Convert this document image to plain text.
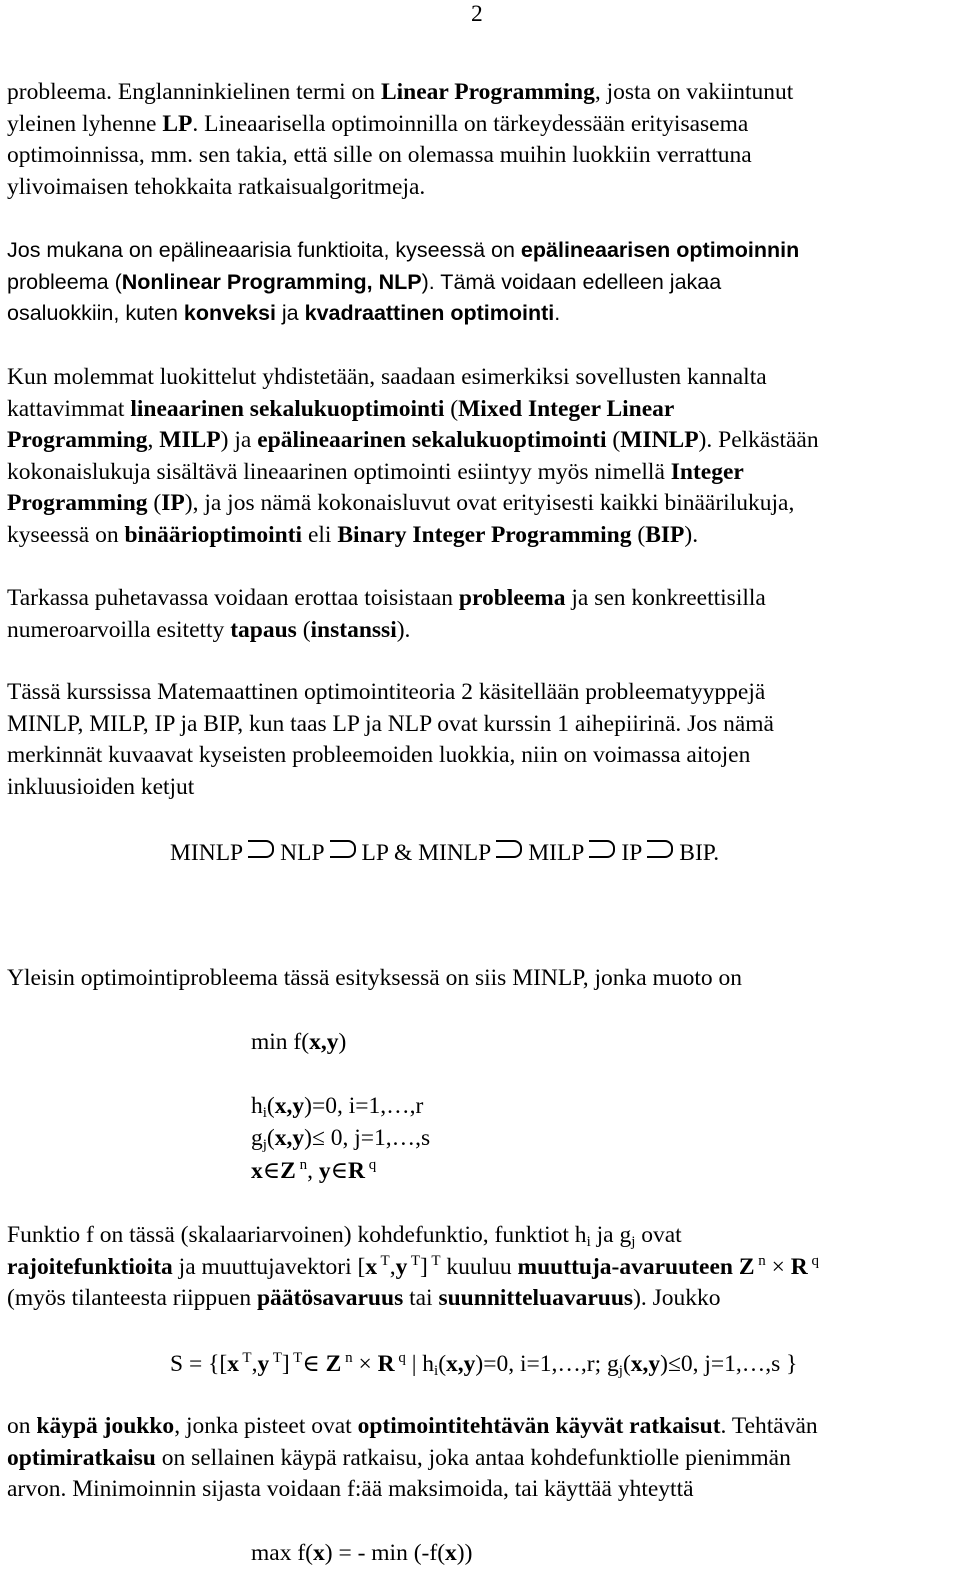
2
probleema. Englanninkielinen termi on Linear Programming, josta on vakiintunut
yleinen lyhenne LP. Lineaarisella optimoinnilla on tärkeydessään erityisasema
optimoinnissa, mm. sen takia, että sille on olemassa muihin luokkiin verrattuna
ylivoimaisen tehokkaita ratkaisualgoritmeja.
Jos mukana on epälineaarisia funktioita, kyseessä on epälineaarisen optimoinnin
probleema (Nonlinear Programming, NLP). Tämä voidaan edelleen jakaa
osaluokkiin, kuten konveksi ja kvadraattinen optimointi.
Kun molemmat luokittelut yhdistetään, saadaan esimerkiksi sovellusten kannalta
kattavimmat lineaarinen sekalukuoptimointi (Mixed Integer Linear
Programming, MILP) ja epälineaarinen sekalukuoptimointi (MINLP). Pelkästään
kokonaislukuja sisältävä lineaarinen optimointi esiintyy myös nimellä Integer
Programming (IP), ja jos nämä kokonaisluvut ovat erityisesti kaikki binäärilukuja,
kyseessä on binäärioptimointi eli Binary Integer Programming (BIP).
Tarkassa puhetavassa voidaan erottaa toisistaan probleema ja sen konkreettisilla
numeroarvoilla esitetty tapaus (instanssi).
Tässä kurssissa Matemaattinen optimointiteoria 2 käsitellään probleematyyppejä
MINLP, MILP, IP ja BIP, kun taas LP ja NLP ovat kurssin 1 aihepiirinä. Jos nämä
merkinnät kuvaavat kyseisten probleemoiden luokkia, niin on voimassa aitojen
inkluusioiden ketjut
MINLP NLP LP & MINLP MILP IP BIP.
Yleisin optimointiprobleema tässä esityksessä on siis MINLP, jonka muoto on
min f(x,y)
$h_i(x,y)=0$, i=1,…,r
$g_j(x,y)\le 0$, j=1,…,s
x∈Z $^n$, y∈R $^q$
Funktio f on tässä (skalaariarvoinen) kohdefunktio, funktiot $h_i$ ja $g_j$ ovat
rajoitefunktioita ja muuttujavektori [x $^T$,y $^T$] $^T$ kuuluu muuttuja-avaruuteen Z $^n$ × R $^q$
(myös tilanteesta riippuen päätösavaruus tai suunnitteluavaruus). Joukko
S = {[x $^T$,y $^T$] $^T$∈ Z $^n$ × R $^q$ | $h_i(x,y)=0$, i=1,…,r; $g_j(x,y)\le 0$, j=1,…,s }
on käypä joukko, jonka pisteet ovat optimointitehtävän käyvät ratkaisut. Tehtävän
optimiratkaisu on sellainen käypä ratkaisu, joka antaa kohdefunktiolle pienimmän
arvon. Minimoinnin sijasta voidaan f:ää maksimoida, tai käyttää yhteyttä
max f(x) = - min (-f(x))
